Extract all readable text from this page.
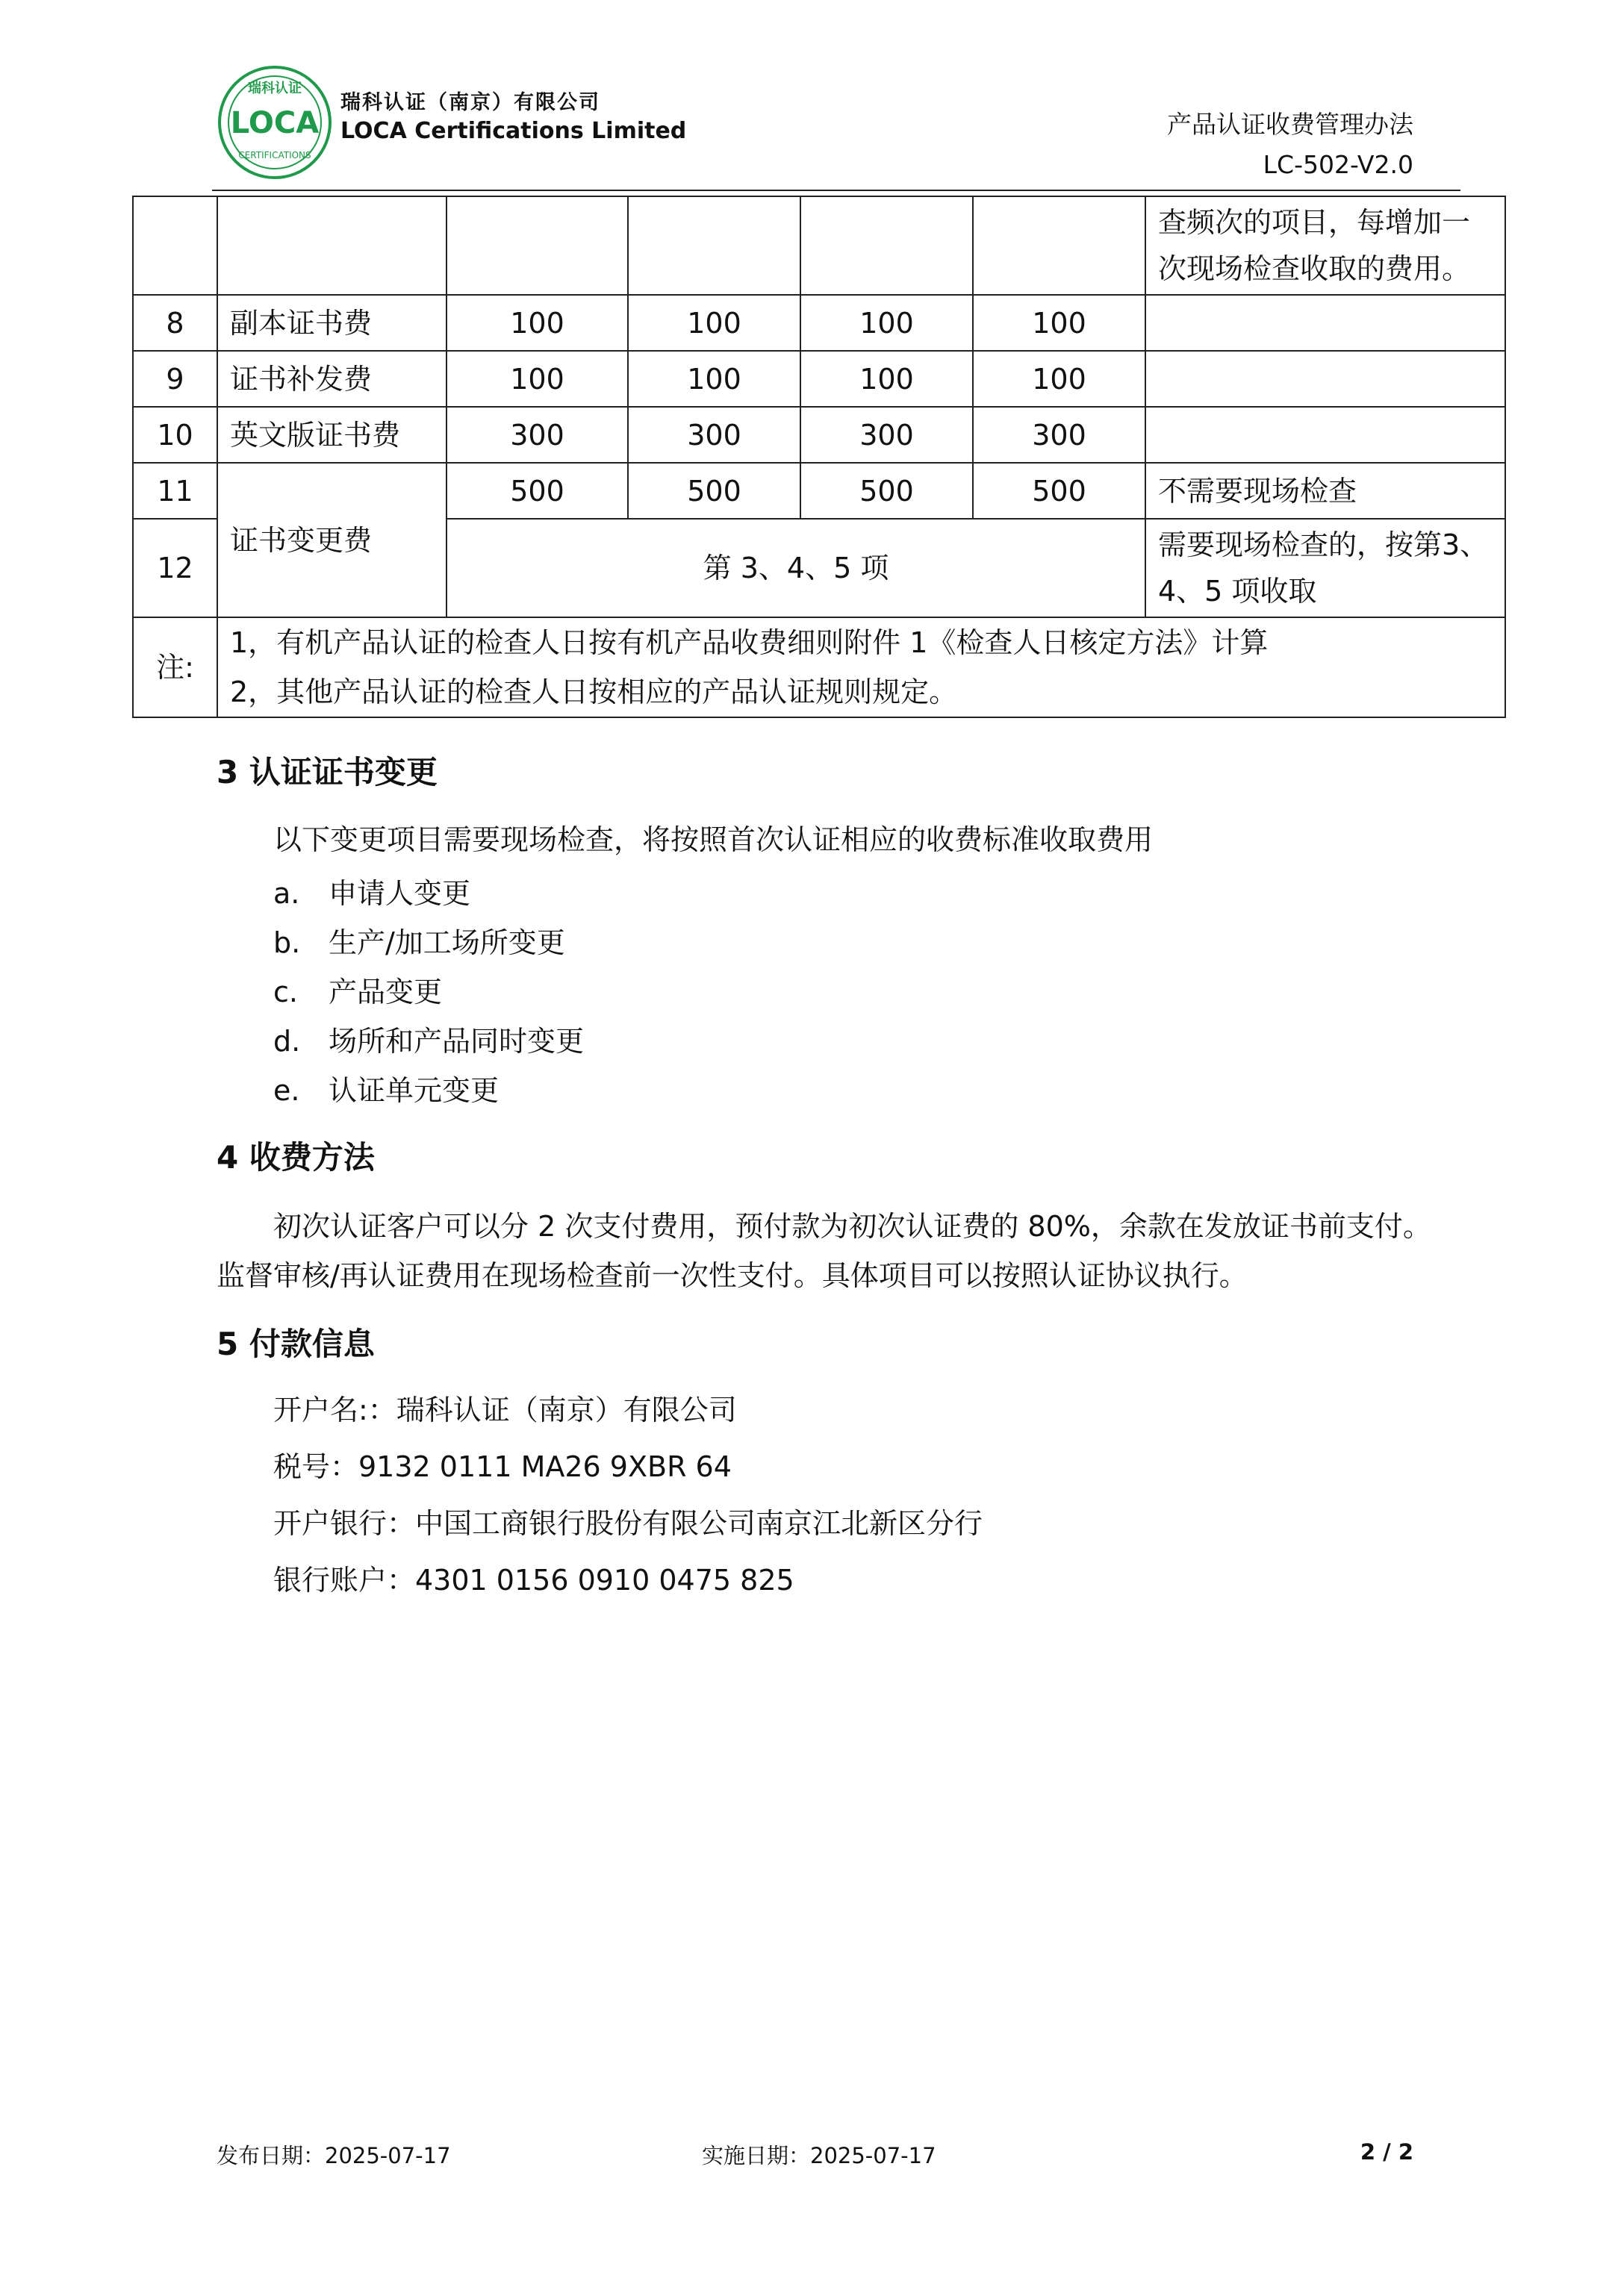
瑞科认证
LOCA
CERTIFICATIONS
瑞科认证（南京）有限公司
LOCA Certifications Limited	产品认证收费管理办法
LC-502-V2.0
						查频次的项目，每增加一次现场检查收取的费用。
8	副本证书费	100	100	100	100	
9	证书补发费	100	100	100	100	
10	英文版证书费	300	300	300	300	
11	证书变更费	500	500	500	500	不需要现场检查
12		第 3、4、5 项				需要现场检查的，按第3、4、5 项收取
注:	1，有机产品认证的检查人日按有机产品收费细则附件 1《检查人日核定方法》计算
2，其他产品认证的检查人日按相应的产品认证规则规定。					
3 认证证书变更
以下变更项目需要现场检查，将按照首次认证相应的收费标准收取费用
a. 申请人变更
b. 生产/加工场所变更
c. 产品变更
d. 场所和产品同时变更
e. 认证单元变更
4 收费方法
初次认证客户可以分 2 次支付费用，预付款为初次认证费的 80%，余款在发放证书前支付。
监督审核/再认证费用在现场检查前一次性支付。具体项目可以按照认证协议执行。
5 付款信息
开户名:：瑞科认证（南京）有限公司
税号：9132 0111 MA26 9XBR 64
开户银行：中国工商银行股份有限公司南京江北新区分行
银行账户：4301 0156 0910 0475 825
发布日期：2025-07-17	实施日期：2025-07-17	2 / 2
